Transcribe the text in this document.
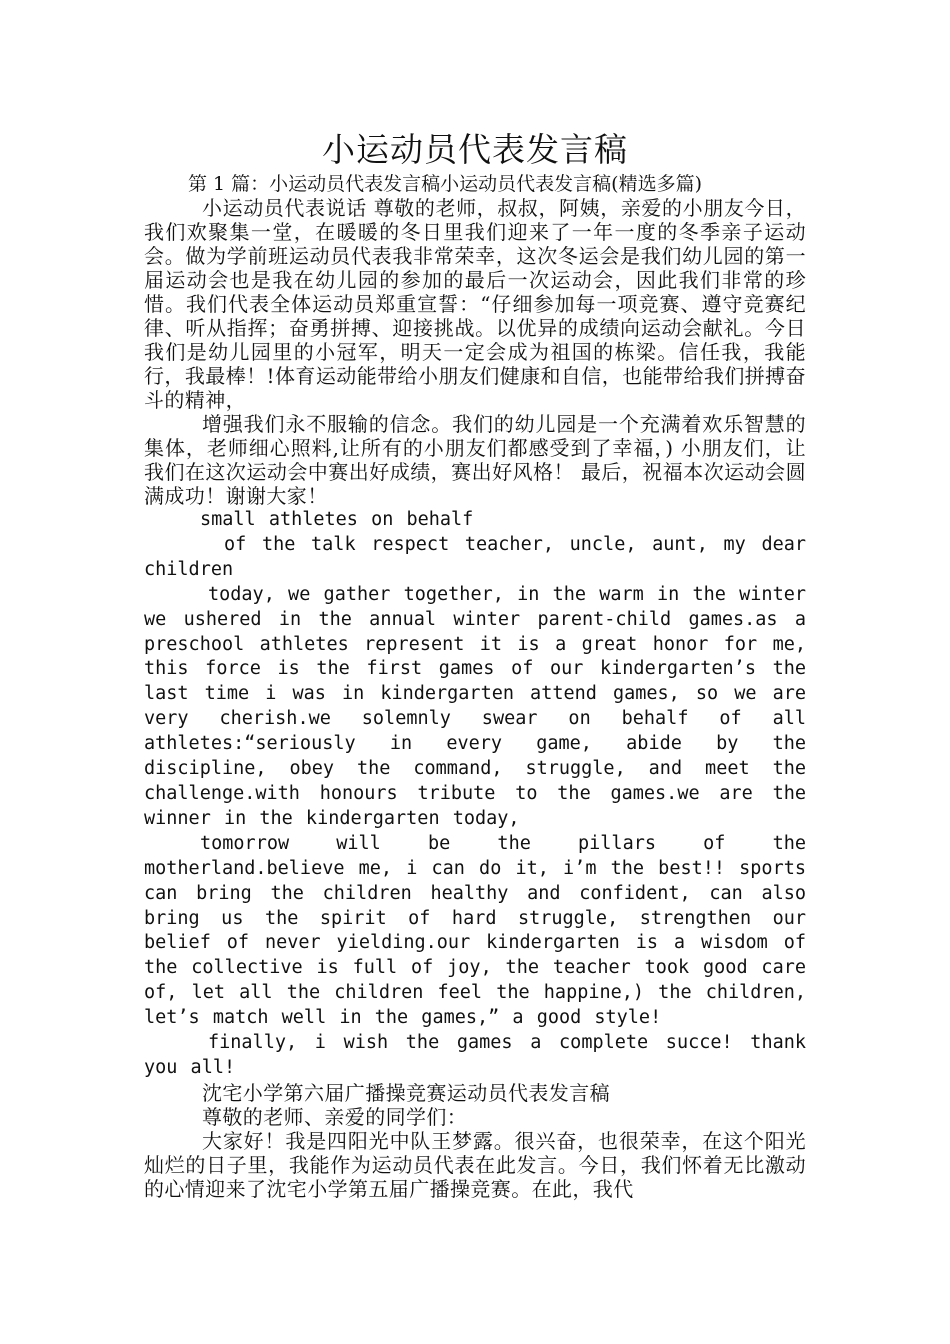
小运动员代表发言稿

第 1 篇：小运动员代表发言稿小运动员代表发言稿(精选多篇)

小运动员代表说话 尊敬的老师，叔叔，阿姨，亲爱的小朋友今日，我们欢聚集一堂，在暖暖的冬日里我们迎来了一年一度的冬季亲子运动会。做为学前班运动员代表我非常荣幸，这次冬运会是我们幼儿园的第一届运动会也是我在幼儿园的参加的最后一次运动会，因此我们非常的珍惜。我们代表全体运动员郑重宣誓：“仔细参加每一项竞赛、遵守竞赛纪律、听从指挥；奋勇拼搏、迎接挑战。以优异的成绩向运动会献礼。今日我们是幼儿园里的小冠军，明天一定会成为祖国的栋梁。信任我，我能行，我最棒！!体育运动能带给小朋友们健康和自信，也能带给我们拼搏奋斗的精神，

增强我们永不服输的信念。我们的幼儿园是一个充满着欢乐智慧的集体，老师细心照料,让所有的小朋友们都感受到了幸福，) 小朋友们，让我们在这次运动会中赛出好成绩，赛出好风格！ 最后，祝福本次运动会圆满成功！谢谢大家！

small athletes on behalf

of the talk respect teacher, uncle, aunt, my dear children

today, we gather together, in the warm in the winter we ushered in the annual winter parent-child games.as a preschool athletes represent it is a great honor for me, this force is the first games of our kindergarten’s the last time i was in kindergarten attend games, so we are very cherish.we solemnly swear on behalf of all athletes:“seriously in every game, abide by the discipline, obey the command, struggle, and meet the challenge.with honours tribute to the games.we are the winner in the kindergarten today,

tomorrow will be the pillars of the motherland.believe me, i can do it, i’m the best!! sports can bring the children healthy and confident, can also bring us the spirit of hard struggle, strengthen our belief of never yielding.our kindergarten is a wisdom of the collective is full of joy, the teacher took good care of, let all the children feel the happine,) the children, let’s match well in the games,” a good style!

finally, i wish the games a complete succe! thank you all!

沈宅小学第六届广播操竞赛运动员代表发言稿

尊敬的老师、亲爱的同学们：

大家好！我是四阳光中队王梦露。很兴奋，也很荣幸，在这个阳光灿烂的日子里，我能作为运动员代表在此发言。今日，我们怀着无比激动的心情迎来了沈宅小学第五届广播操竞赛。在此，我代
